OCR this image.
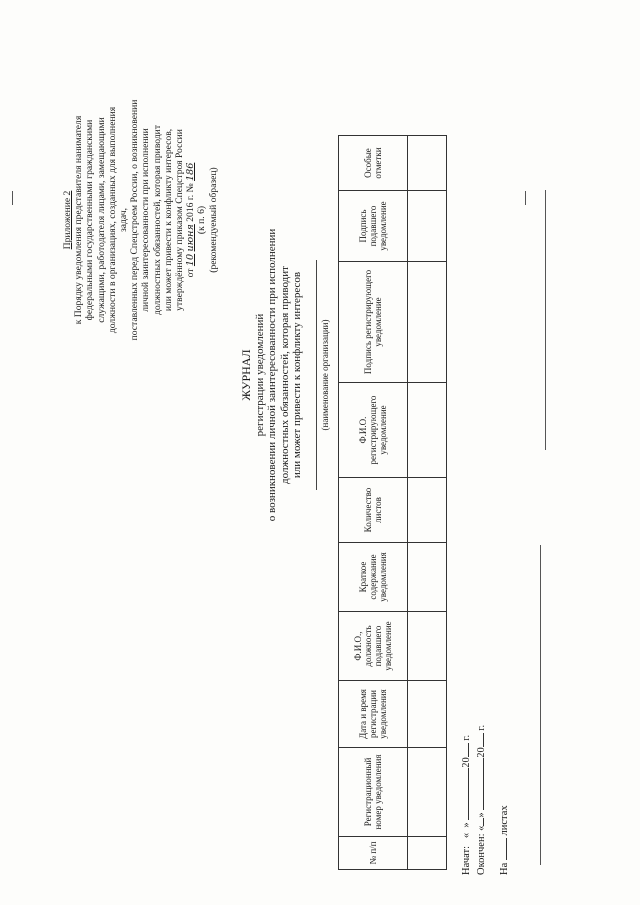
Приложение 2 к Порядку уведомления представителя нанимателя федеральными государственными гражданскими служащими, работодателя лицами, замещающими должности в организациях, созданных для выполнения задач, поставленных перед Спецстроем России, о возникновении личной заинтересованности при исполнении должностных обязанностей, которая приводит или может привести к конфликту интересов, утверждённому приказом Спецстроя России от 10 июня 2016 г. № 186
(к п. 6) (рекомендуемый образец)
ЖУРНАЛ регистрации уведомлений о возникновении личной заинтересованности при исполнении должностных обязанностей, которая приводит или может привести к конфликту интересов (наименование организации)
№ п/п	Регистрационный номер уведомления	Дата и время регистрации уведомления	Ф.И.О., должность подавшего уведомление	Краткое содержание уведомления	Количество листов	Ф.И.О. регистрирующего уведомление	Подпись регистрирующего уведомление	Подпись подавшего уведомление	Особые отметки

Начат:   «  » 20 г.
Окончен: «» 20 г.
На  листах
